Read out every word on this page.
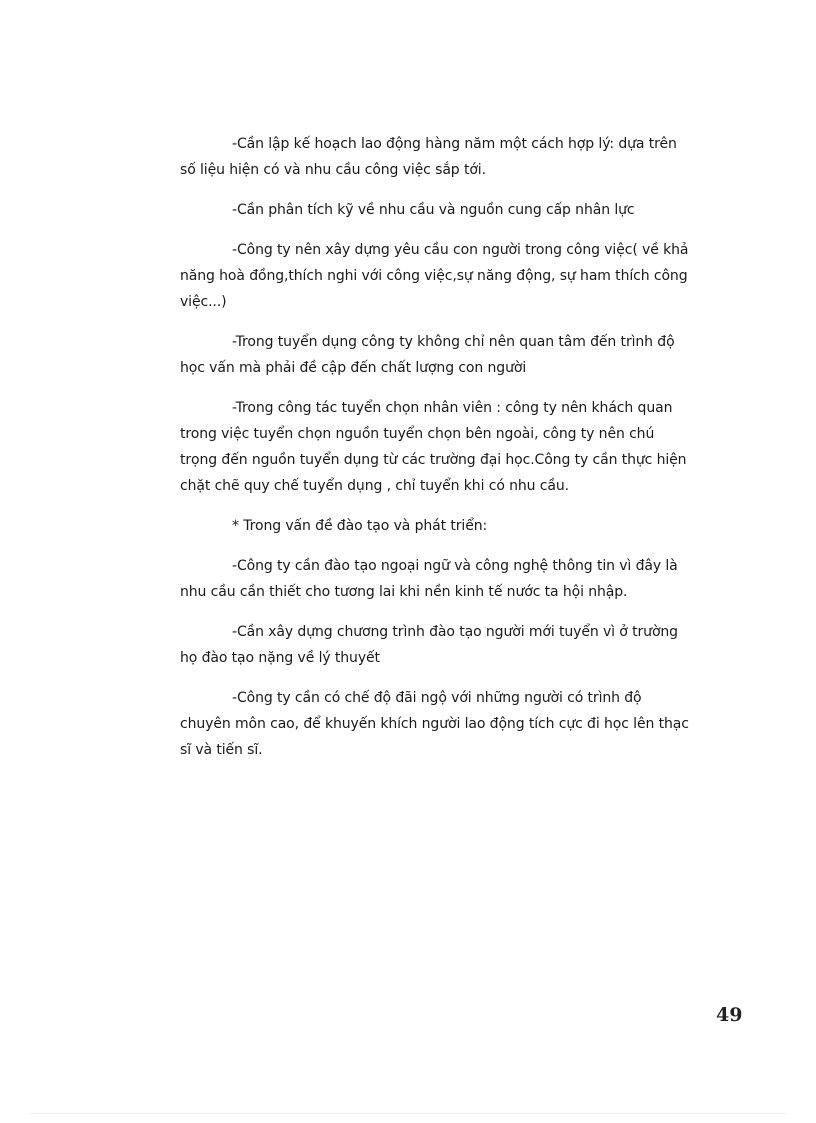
-Cần lập kế hoạch lao động hàng năm một cách hợp lý: dựa trên số liệu hiện có và nhu cầu công việc sắp tới.

-Cần phân tích kỹ về nhu cầu và nguồn cung cấp nhân lực

-Công ty nên xây dựng yêu cầu con người trong công việc( về khả năng hoà đồng,thích nghi với công việc,sự năng động, sự ham thích công việc...)

-Trong tuyển dụng công ty không chỉ nên quan tâm đến trình độ học vấn mà phải đề cập đến chất lượng con người

-Trong công tác tuyển chọn nhân viên : công ty nên khách quan trong việc tuyển chọn nguồn tuyển chọn bên ngoài, công ty nên chú trọng đến nguồn tuyển dụng từ các trường đại học.Công ty cần thực hiện chặt chẽ quy chế tuyển dụng , chỉ tuyển khi có nhu cầu.

* Trong vấn đề đào tạo và phát triển:

-Công ty cần đào tạo ngoại ngữ và công nghệ thông tin vì đây là nhu cầu cần thiết cho tương lai khi nền kinh tế nước ta hội nhập.

-Cần xây dựng chương trình đào tạo người mới tuyển vì ở trường họ đào tạo nặng về lý thuyết

-Công ty cần có chế độ đãi ngộ với những người có trình độ chuyên môn cao, để khuyến khích người lao động tích cực đi học lên thạc sĩ và tiến sĩ.

49
